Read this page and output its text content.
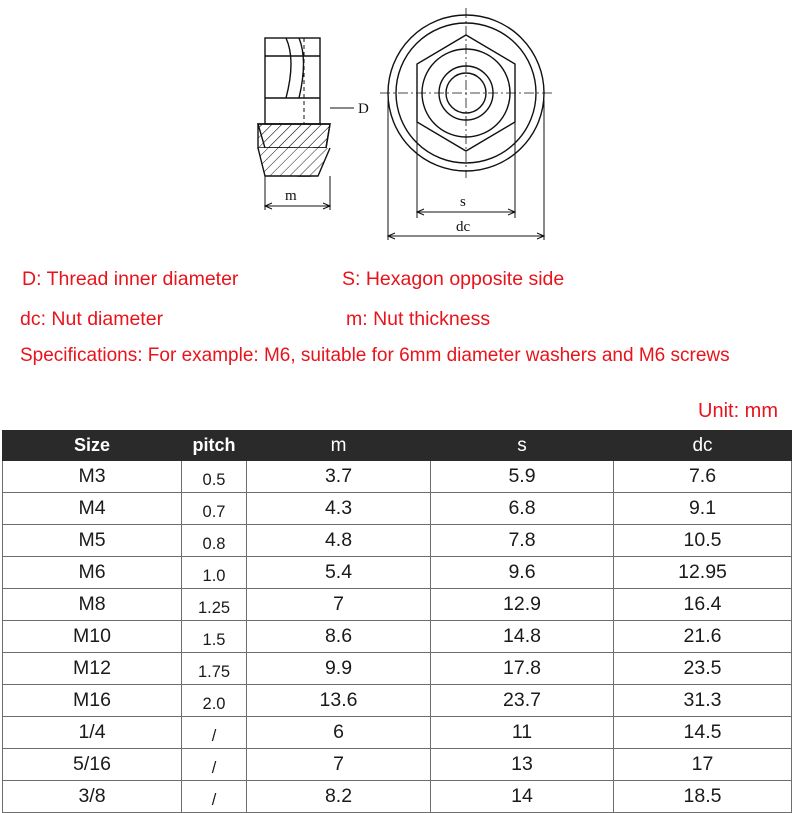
D
m	s
dc
D: Thread inner diameter	S: Hexagon opposite side
dc: Nut diameter	m: Nut thickness
Specifications: For example: M6, suitable for 6mm diameter washers and M6 screws
Unit: mm
Size	pitch	m	s	dc
M3	0.5	3.7	5.9	7.6
M4	0.7	4.3	6.8	9.1
M5	0.8	4.8	7.8	10.5
M6	1.0	5.4	9.6	12.95
M8	1.25	7	12.9	16.4
M10	1.5	8.6	14.8	21.6
M12	1.75	9.9	17.8	23.5
M16	2.0	13.6	23.7	31.3
1/4	/	6	11	14.5
5/16	/	7	13	17
3/8	/	8.2	14	18.5
